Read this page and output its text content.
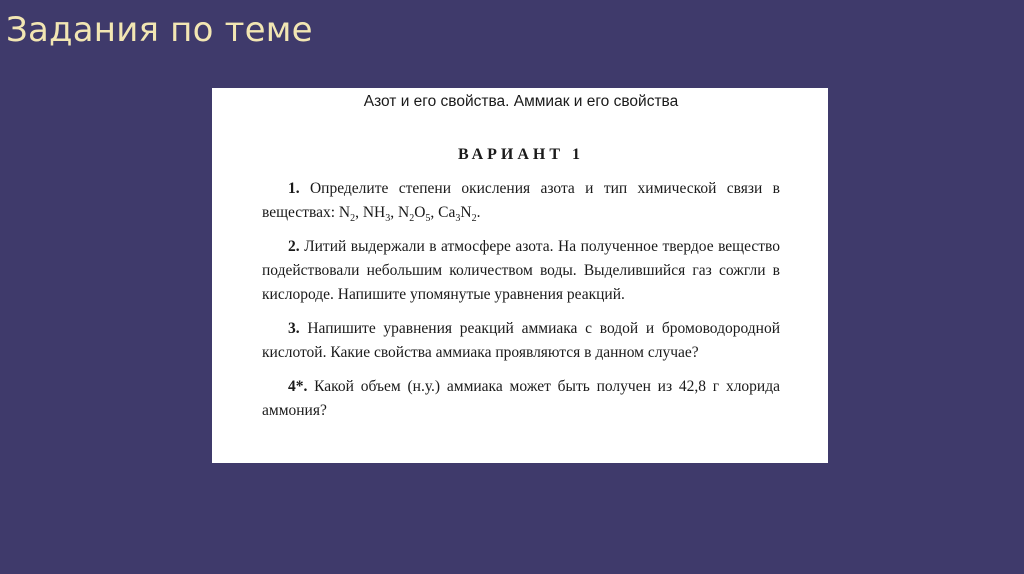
Задания по теме
Азот и его свойства. Аммиак и его свойства
ВАРИАНТ 1

1. Определите степени окисления азота и тип химической связи в веществах: $N_2$, $NH_3$, $N_2O_5$, $Ca_3N_2$.

2. Литий выдержали в атмосфере азота. На полученное твердое вещество подействовали небольшим количеством воды. Выделившийся газ сожгли в кислороде. Напишите упомянутые уравнения реакций.

3. Напишите уравнения реакций аммиака с водой и бромоводородной кислотой. Какие свойства аммиака проявляются в данном случае?

4*. Какой объем (н.у.) аммиака может быть получен из 42,8 г хлорида аммония?
